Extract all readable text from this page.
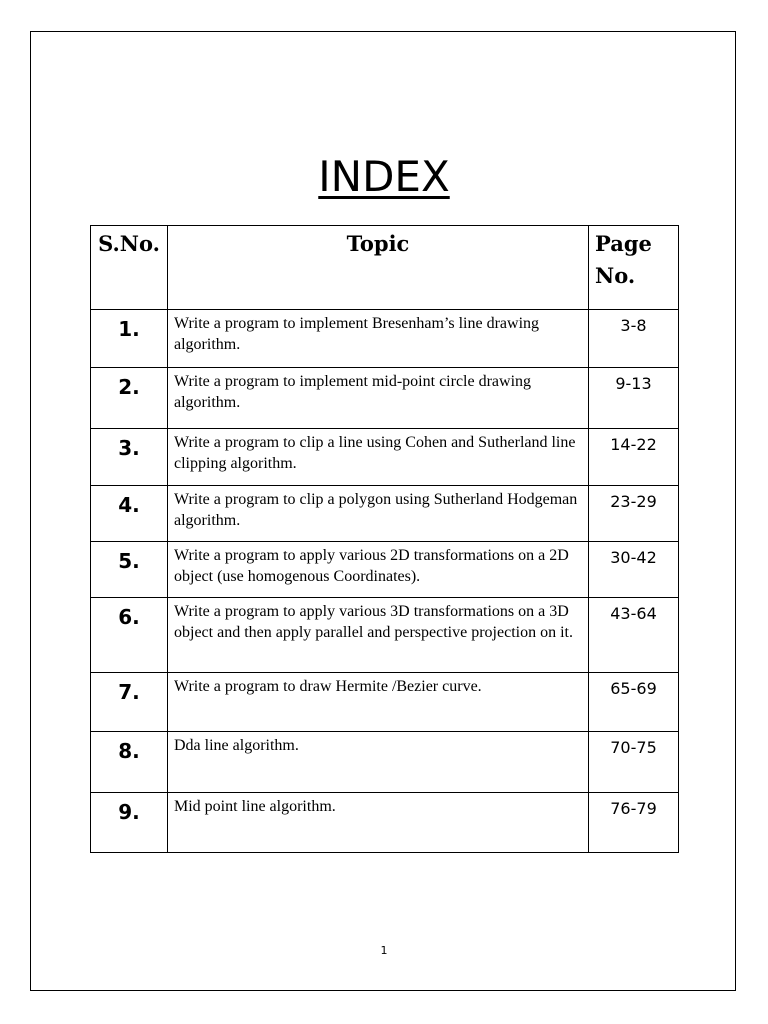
INDEX
S.No.	Topic	Page No.
1.	Write a program to implement Bresenham’s line drawing algorithm.	3-8
2.	Write a program to implement mid-point circle drawing algorithm.	9-13
3.	Write a program to clip a line using Cohen and Sutherland line clipping algorithm.	14-22
4.	Write a program to clip a polygon using Sutherland Hodgeman algorithm.	23-29
5.	Write a program to apply various 2D transformations on a 2D object (use homogenous Coordinates).	30-42
6.	Write a program to apply various 3D transformations on a 3D object and then apply parallel and perspective projection on it.	43-64
7.	Write a program to draw Hermite /Bezier curve.	65-69
8.	Dda line algorithm.	70-75
9.	Mid point line algorithm.	76-79
1
